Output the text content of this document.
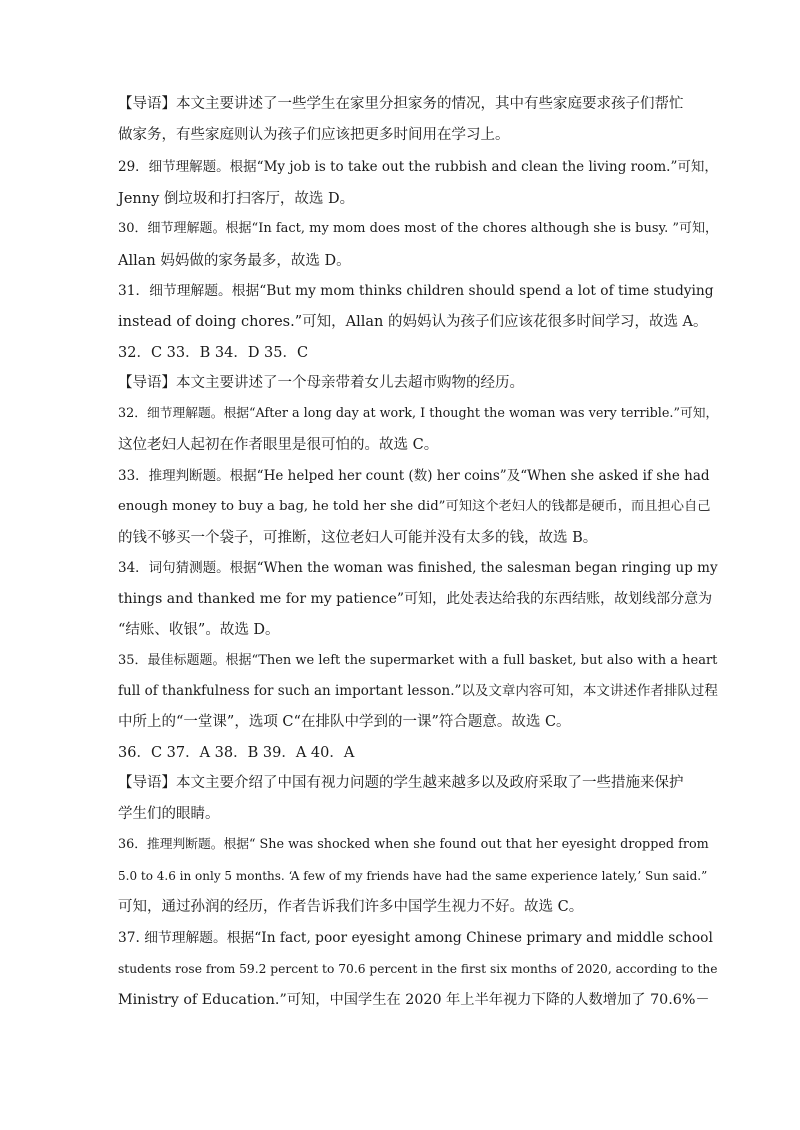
【导语】本文主要讲述了一些学生在家里分担家务的情况，其中有些家庭要求孩子们帮忙
做家务，有些家庭则认为孩子们应该把更多时间用在学习上。
29．细节理解题。根据“My job is to take out the rubbish and clean the living room.”可知，
Jenny 倒垃圾和打扫客厅，故选 D。
30．细节理解题。根据“In fact, my mom does most of the chores although she is busy. ”可知，
Allan 妈妈做的家务最多，故选 D。
31．细节理解题。根据“But my mom thinks children should spend a lot of time studying
instead of doing chores.”可知，Allan 的妈妈认为孩子们应该花很多时间学习，故选 A。
32．C 33．B 34．D 35．C
【导语】本文主要讲述了一个母亲带着女儿去超市购物的经历。
32．细节理解题。根据“After a long day at work, I thought the woman was very terrible.”可知，
这位老妇人起初在作者眼里是很可怕的。故选 C。
33．推理判断题。根据“He helped her count (数) her coins”及“When she asked if she had
enough money to buy a bag, he told her she did”可知这个老妇人的钱都是硬币，而且担心自己
的钱不够买一个袋子，可推断，这位老妇人可能并没有太多的钱，故选 B。
34．词句猜测题。根据“When the woman was finished, the salesman began ringing up my
things and thanked me for my patience”可知，此处表达给我的东西结账，故划线部分意为
“结账、收银”。故选 D。
35．最佳标题题。根据“Then we left the supermarket with a full basket, but also with a heart
full of thankfulness for such an important lesson.”以及文章内容可知，本文讲述作者排队过程
中所上的“一堂课”，选项 C“在排队中学到的一课”符合题意。故选 C。
36．C 37．A 38．B 39．A 40．A
【导语】本文主要介绍了中国有视力问题的学生越来越多以及政府采取了一些措施来保护
学生们的眼睛。
36．推理判断题。根据“ She was shocked when she found out that her eyesight dropped from
5.0 to 4.6 in only 5 months. ‘A few of my friends have had the same experience lately,’ Sun said.”
可知，通过孙润的经历，作者告诉我们许多中国学生视力不好。故选 C。
37. 细节理解题。根据“In fact, poor eyesight among Chinese primary and middle school
students rose from 59.2 percent to 70.6 percent in the first six months of 2020, according to the
Ministry of Education.”可知，中国学生在 2020 年上半年视力下降的人数增加了 70.6%－
